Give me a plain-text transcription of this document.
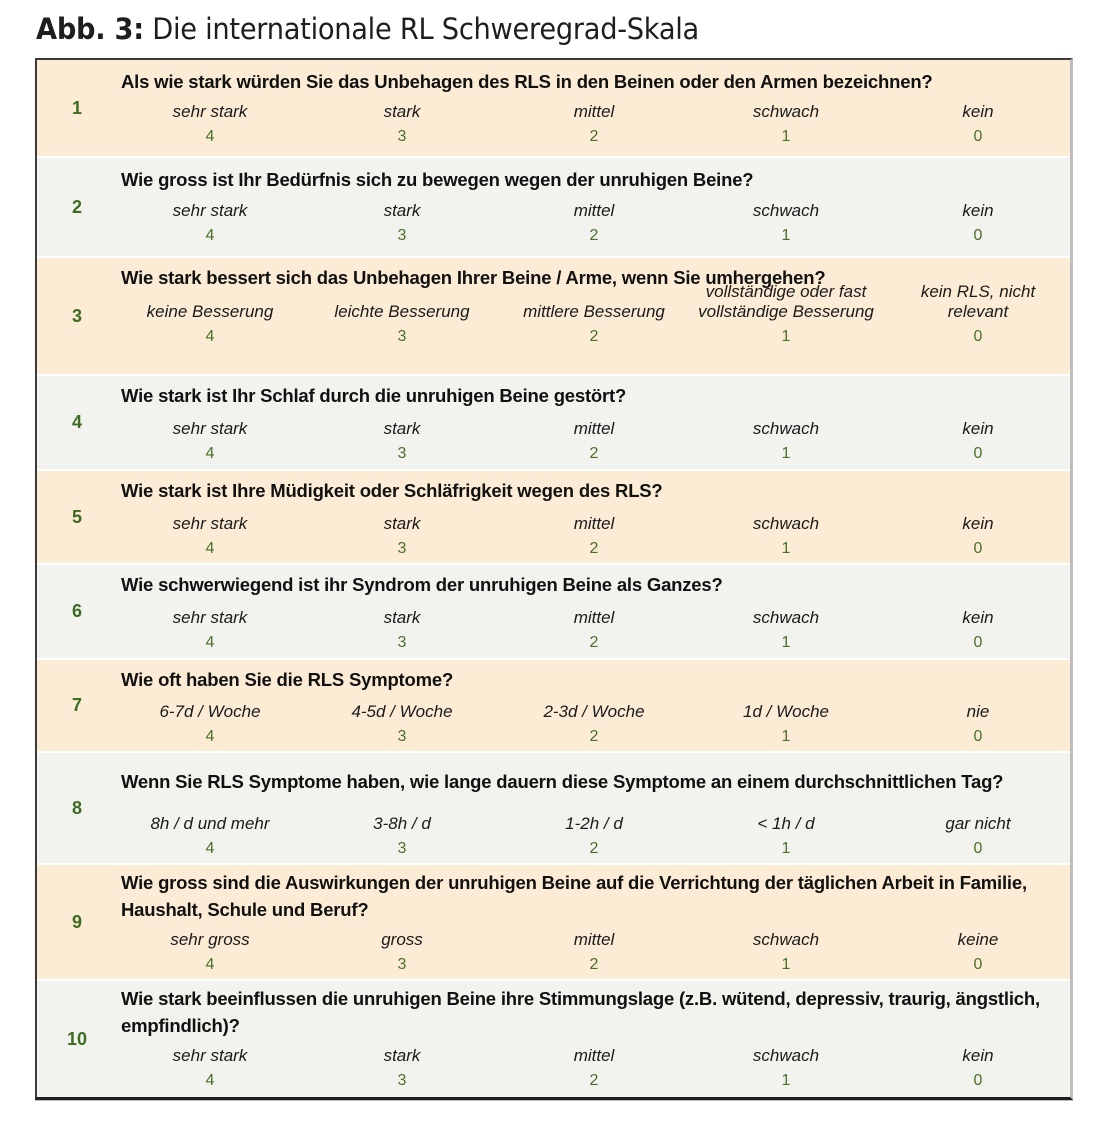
Abb. 3: Die internationale RL Schweregrad-Skala
1
Als wie stark würden Sie das Unbehagen des RLS in den Beinen oder den Armen bezeichnen?
sehr stark
4
stark
3
mittel
2
schwach
1
kein
0
2
Wie gross ist Ihr Bedürfnis sich zu bewegen wegen der unruhigen Beine?
sehr stark
4
stark
3
mittel
2
schwach
1
kein
0
3
Wie stark bessert sich das Unbehagen Ihrer Beine / Arme, wenn Sie umhergehen?
keine Besserung
4
leichte Besserung
3
mittlere Besserung
2
vollständige oder fast vollständige Besserung
1
kein RLS, nicht relevant
0
4
Wie stark ist Ihr Schlaf durch die unruhigen Beine gestört?
sehr stark
4
stark
3
mittel
2
schwach
1
kein
0
5
Wie stark ist Ihre Müdigkeit oder Schläfrigkeit wegen des RLS?
sehr stark
4
stark
3
mittel
2
schwach
1
kein
0
6
Wie schwerwiegend ist ihr Syndrom der unruhigen Beine als Ganzes?
sehr stark
4
stark
3
mittel
2
schwach
1
kein
0
7
Wie oft haben Sie die RLS Symptome?
6-7d / Woche
4
4-5d / Woche
3
2-3d / Woche
2
1d / Woche
1
nie
0
8
Wenn Sie RLS Symptome haben, wie lange dauern diese Symptome an einem durchschnittlichen Tag?
8h / d und mehr
4
3-8h / d
3
1-2h / d
2
< 1h / d
1
gar nicht
0
9
Wie gross sind die Auswirkungen der unruhigen Beine auf die Verrichtung der täglichen Arbeit in Familie, Haushalt, Schule und Beruf?
sehr gross
4
gross
3
mittel
2
schwach
1
keine
0
10
Wie stark beeinflussen die unruhigen Beine ihre Stimmungslage (z.B. wütend, depressiv, traurig, ängstlich, empfindlich)?
sehr stark
4
stark
3
mittel
2
schwach
1
kein
0
